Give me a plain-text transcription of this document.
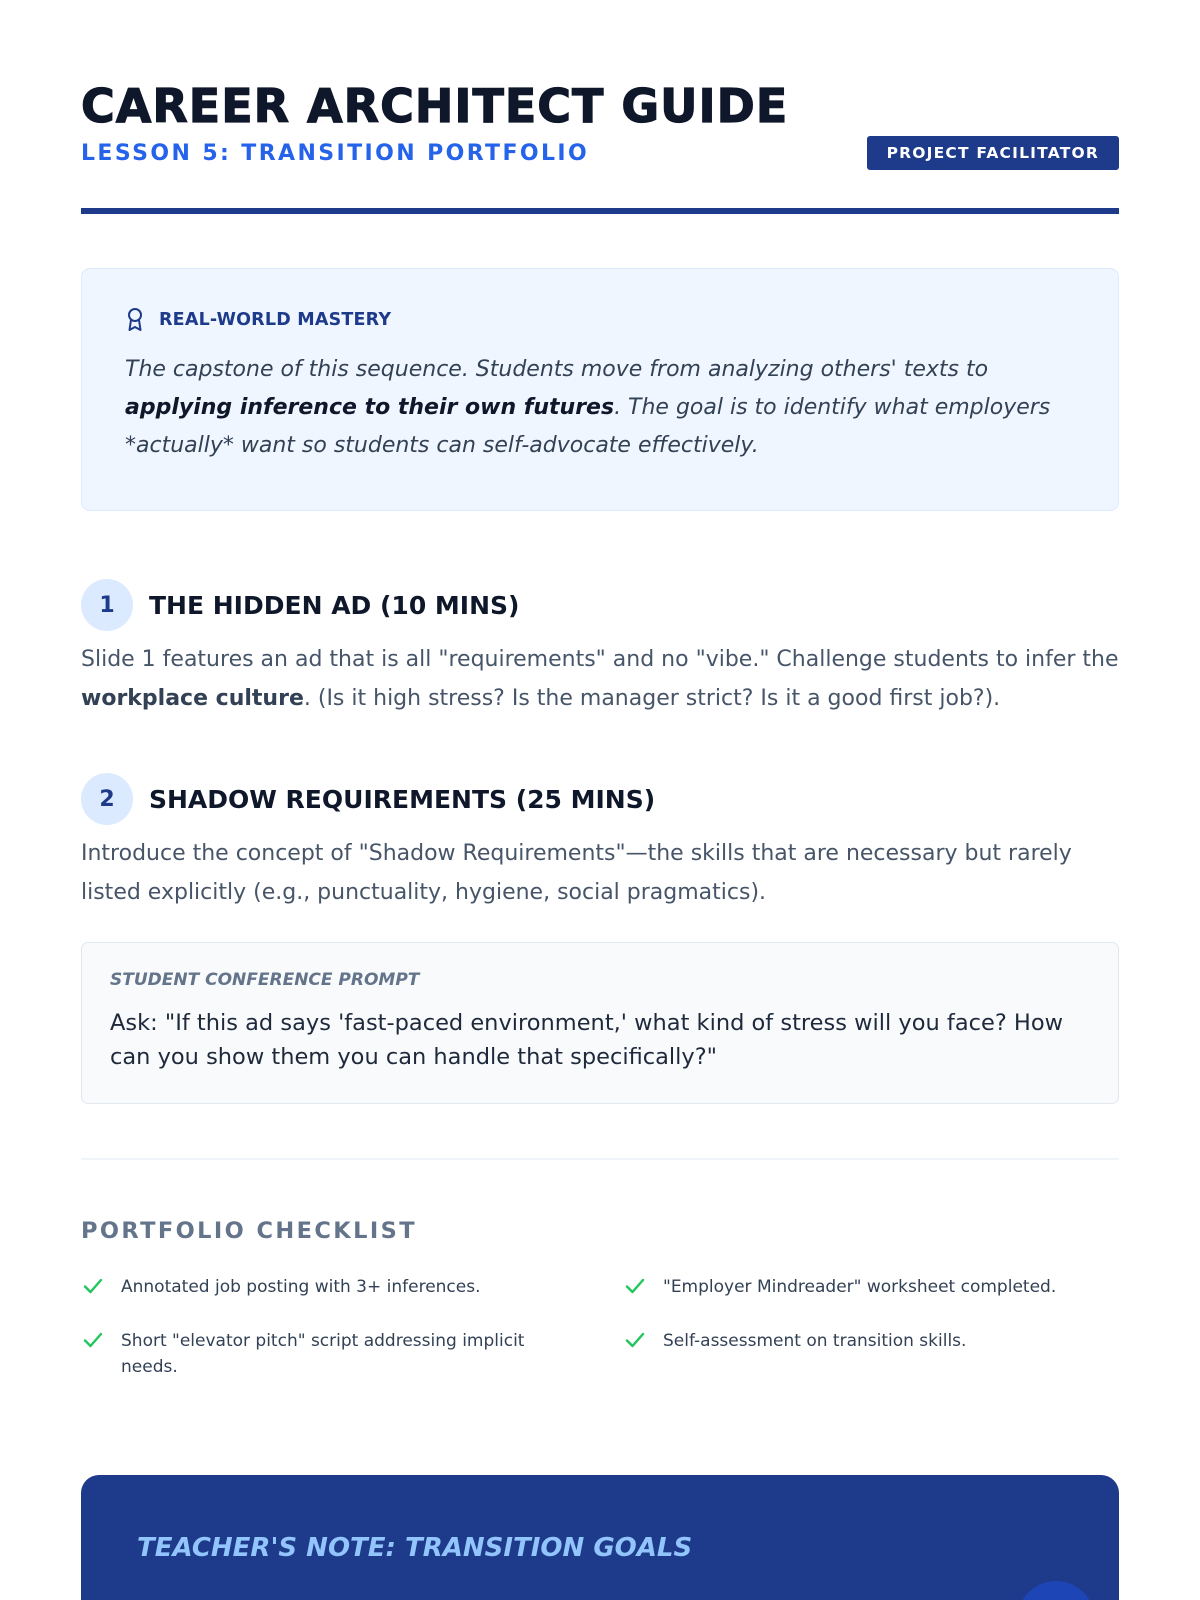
CAREER ARCHITECT GUIDE
LESSON 5: TRANSITION PORTFOLIO	PROJECT FACILITATOR
REAL-WORLD MASTERY

The capstone of this sequence. Students move from analyzing others' texts to applying inference to their own futures. The goal is to identify what employers *actually* want so students can self-advocate effectively.

1	THE HIDDEN AD (10 MINS)

Slide 1 features an ad that is all "requirements" and no "vibe." Challenge students to infer the workplace culture. (Is it high stress? Is the manager strict? Is it a good first job?).

2	SHADOW REQUIREMENTS (25 MINS)

Introduce the concept of "Shadow Requirements"—the skills that are necessary but rarely listed explicitly (e.g., punctuality, hygiene, social pragmatics).

STUDENT CONFERENCE PROMPT

Ask: "If this ad says 'fast-paced environment,' what kind of stress will you face? How can you show them you can handle that specifically?"

PORTFOLIO CHECKLIST
Annotated job posting with 3+ inferences.	"Employer Mindreader" worksheet completed.
Short "elevator pitch" script addressing implicit needs.
Self-assessment on transition skills.
TEACHER'S NOTE: TRANSITION GOALS
